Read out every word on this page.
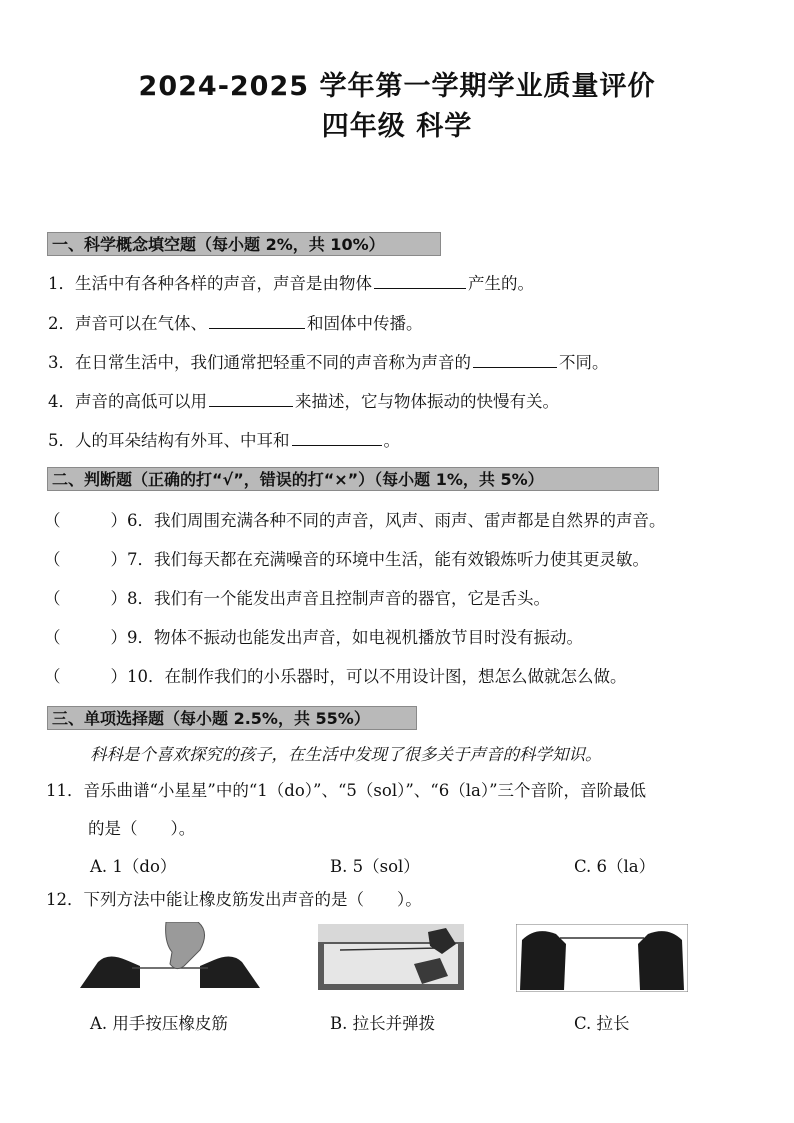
2024-2025 学年第一学期学业质量评价
四年级 科学
一、科学概念填空题（每小题 2%，共 10%）
1．生活中有各种各样的声音，声音是由物体	产生的。
2．声音可以在气体、	和固体中传播。
3．在日常生活中，我们通常把轻重不同的声音称为声音的	不同。
4．声音的高低可以用	来描述，它与物体振动的快慢有关。
5．人的耳朵结构有外耳、中耳和	。
二、判断题（正确的打“√”，错误的打“×”）（每小题 1%，共 5%）
（	）6．我们周围充满各种不同的声音，风声、雨声、雷声都是自然界的声音。
（	）7．我们每天都在充满噪音的环境中生活，能有效锻炼听力使其更灵敏。
（	）8．我们有一个能发出声音且控制声音的器官，它是舌头。
（	）9．物体不振动也能发出声音，如电视机播放节目时没有振动。
（	）10．在制作我们的小乐器时，可以不用设计图，想怎么做就怎么做。
三、单项选择题（每小题 2.5%，共 55%）
科科是个喜欢探究的孩子，在生活中发现了很多关于声音的科学知识。
11．音乐曲谱“小星星”中的“1（do）”、“5（sol）”、“6（la）”三个音阶，音阶最低
的是（　　）。
A. 1（do）	B. 5（sol）	C. 6（la）
12．下列方法中能让橡皮筋发出声音的是（　　）。
A. 用手按压橡皮筋	B. 拉长并弹拨	C. 拉长
